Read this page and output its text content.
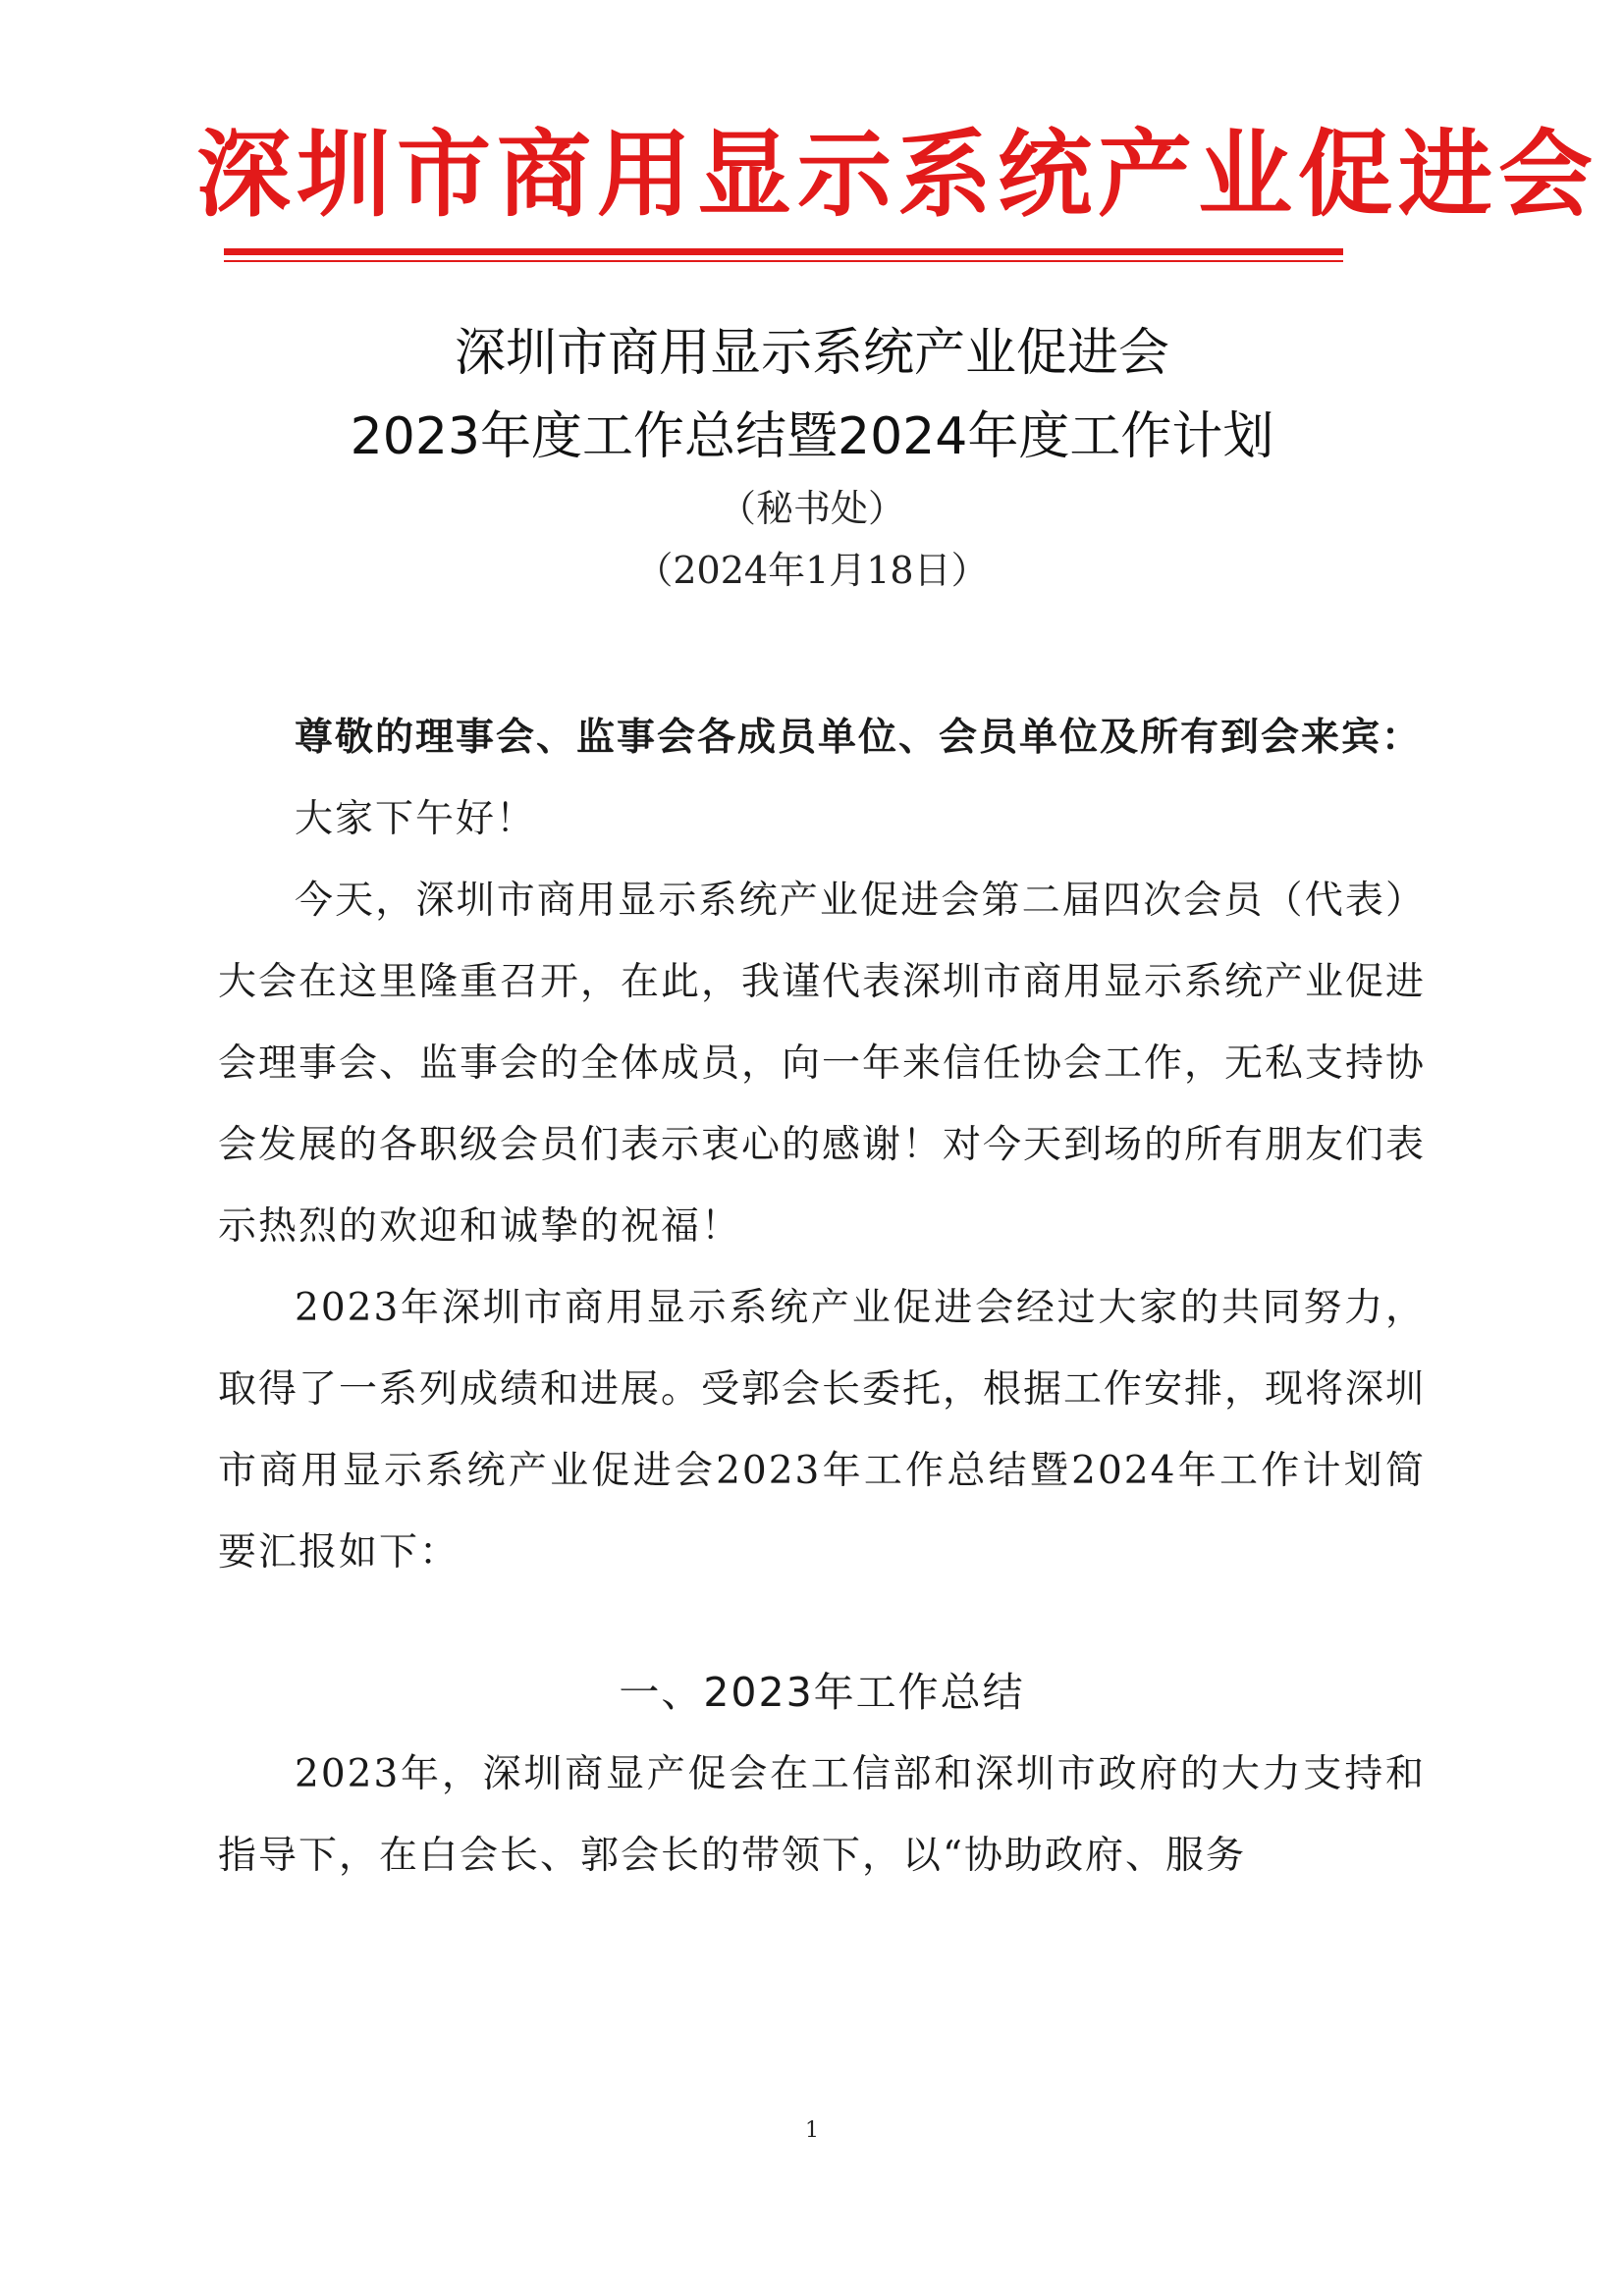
深圳市商用显示系统产业促进会
深圳市商用显示系统产业促进会
2023年度工作总结暨2024年度工作计划
（秘书处）
（2024年1月18日）

尊敬的理事会、监事会各成员单位、会员单位及所有到会来宾：

大家下午好！

今天，深圳市商用显示系统产业促进会第二届四次会员（代表）大会在这里隆重召开，在此，我谨代表深圳市商用显示系统产业促进会理事会、监事会的全体成员，向一年来信任协会工作，无私支持协会发展的各职级会员们表示衷心的感谢！对今天到场的所有朋友们表示热烈的欢迎和诚挚的祝福！

2023年深圳市商用显示系统产业促进会经过大家的共同努力，取得了一系列成绩和进展。受郭会长委托，根据工作安排，现将深圳市商用显示系统产业促进会2023年工作总结暨2024年工作计划简要汇报如下：

一、2023年工作总结

2023年，深圳商显产促会在工信部和深圳市政府的大力支持和指导下，在白会长、郭会长的带领下，以“协助政府、服务

1
